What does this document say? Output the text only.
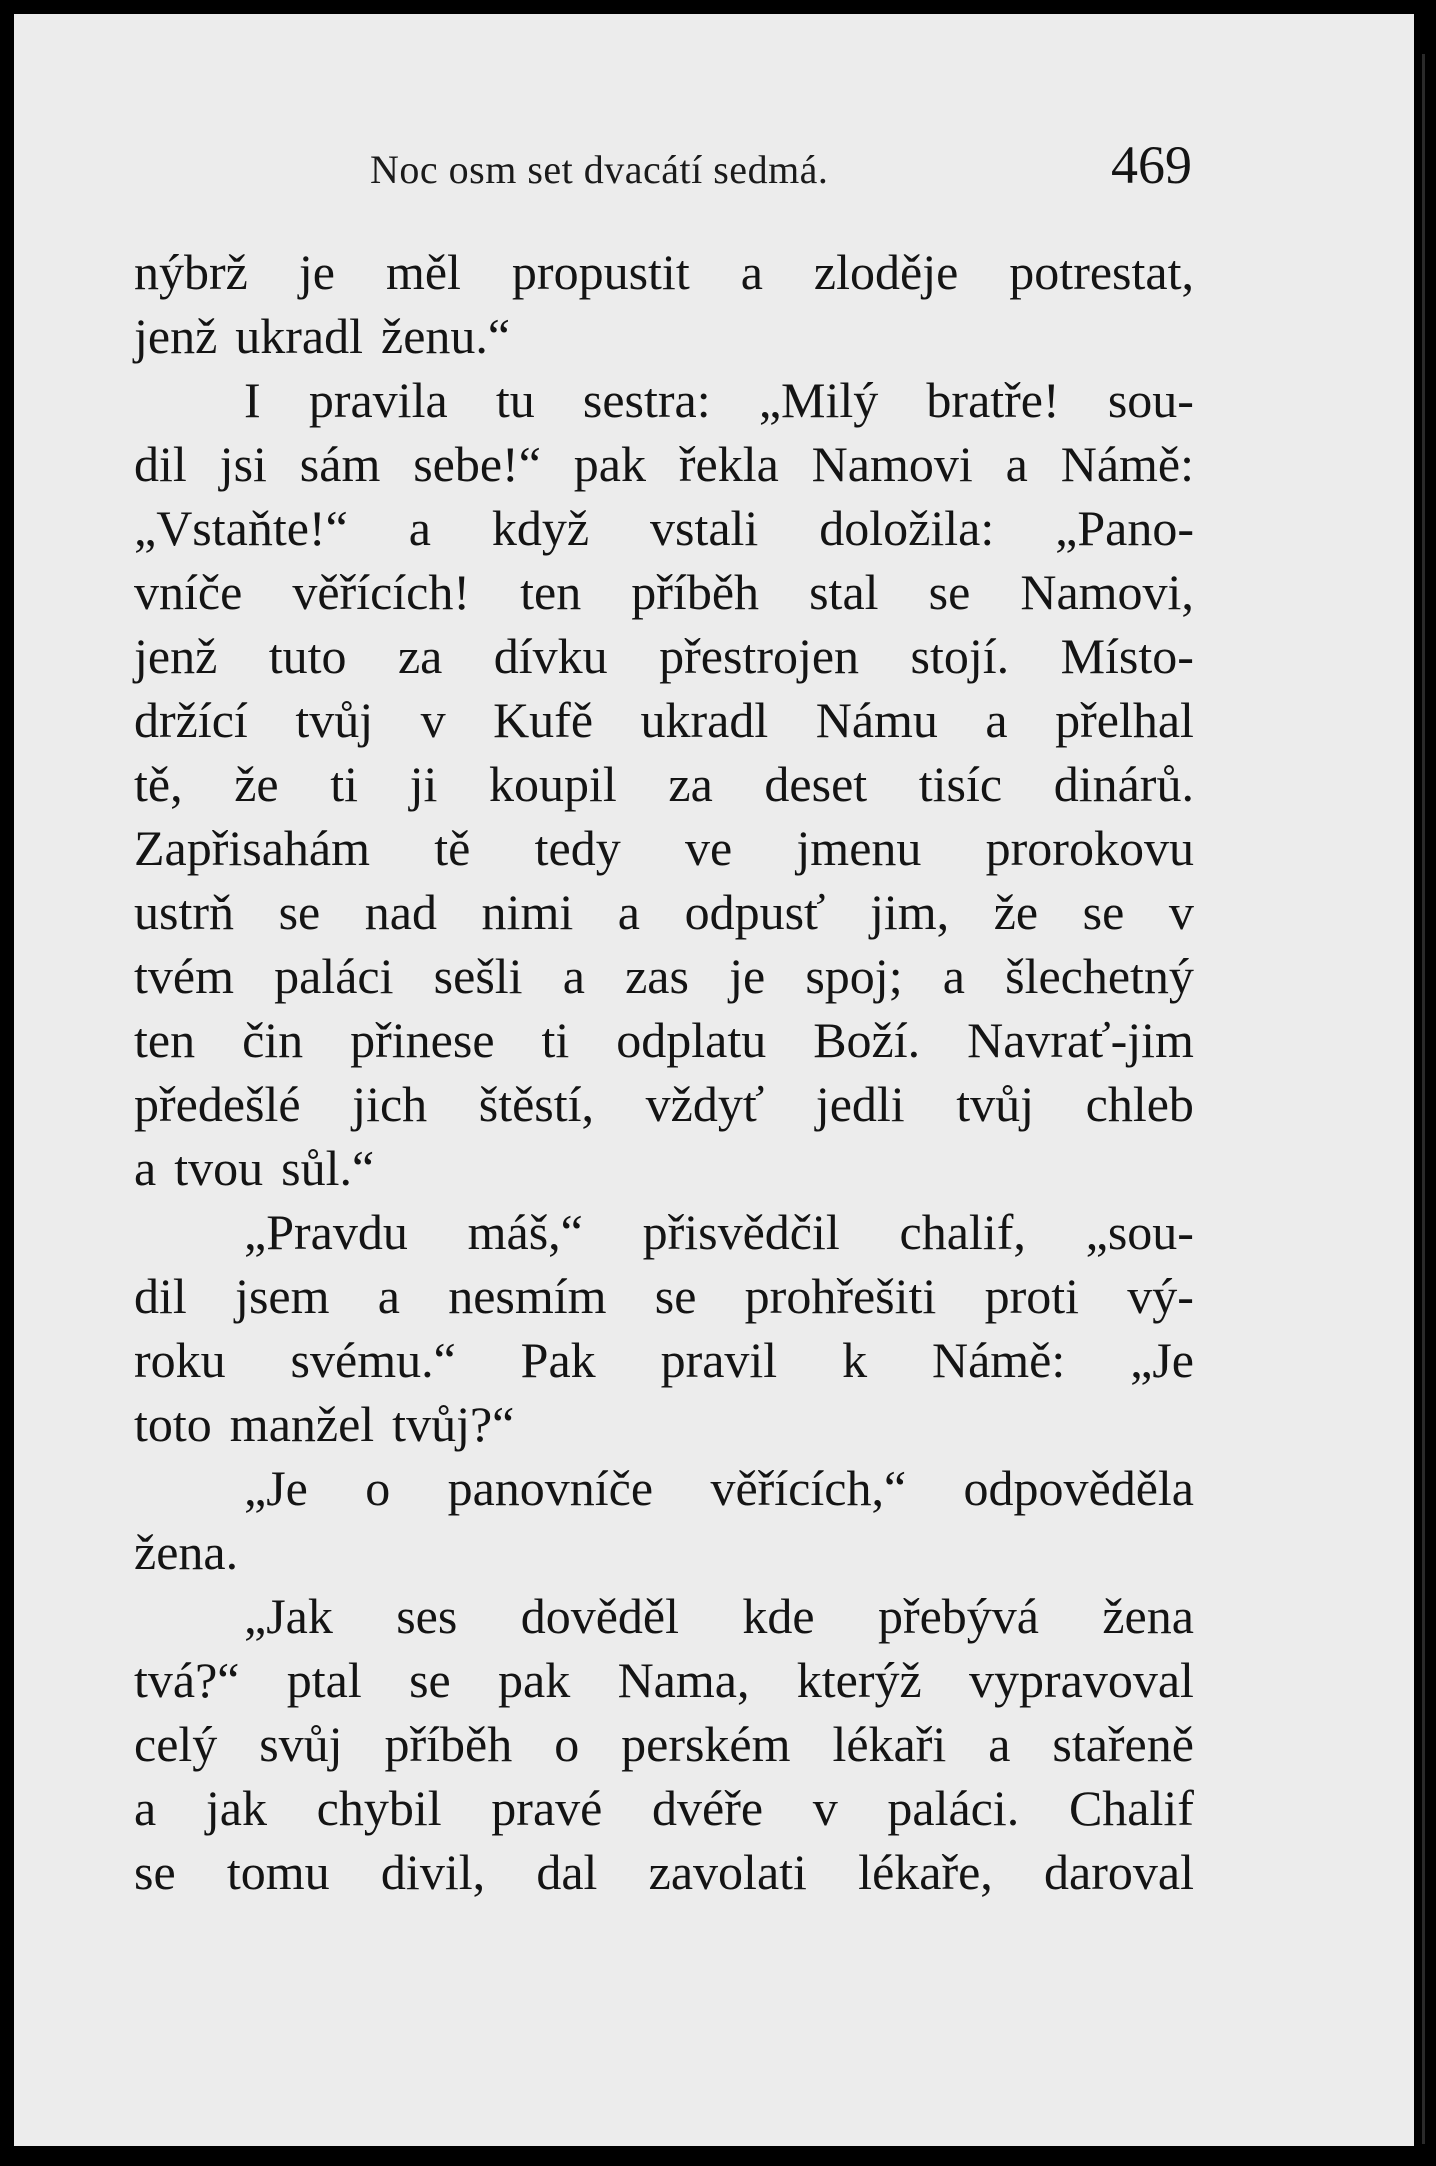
Noc osm set dvacátí sedmá.	469
nýbrž je měl propustit a zloděje potrestat,
jenž ukradl ženu.“
I pravila tu sestra: „Milý bratře! sou-
dil jsi sám sebe!“ pak řekla Namovi a Námě:
„Vstaňte!“ a když vstali doložila: „Pano-
vníče věřících! ten příběh stal se Namovi,
jenž tuto za dívku přestrojen stojí. Místo-
držící tvůj v Kufě ukradl Námu a přelhal
tě, že ti ji koupil za deset tisíc dinárů.
Zapřisahám tě tedy ve jmenu prorokovu
ustrň se nad nimi a odpusť jim, že se v
tvém paláci sešli a zas je spoj; a šlechetný
ten čin přinese ti odplatu Boží. Navrať-jim
předešlé jich štěstí, vždyť jedli tvůj chleb
a tvou sůl.“
„Pravdu máš,“ přisvědčil chalif, „sou-
dil jsem a nesmím se prohřešiti proti vý-
roku svému.“ Pak pravil k Námě: „Je
toto manžel tvůj?“
„Je o panovníče věřících,“ odpověděla
žena.
„Jak ses dověděl kde přebývá žena
tvá?“ ptal se pak Nama, kterýž vypravoval
celý svůj příběh o perském lékaři a stařeně
a jak chybil pravé dvéře v paláci. Chalif
se tomu divil, dal zavolati lékaře, daroval
